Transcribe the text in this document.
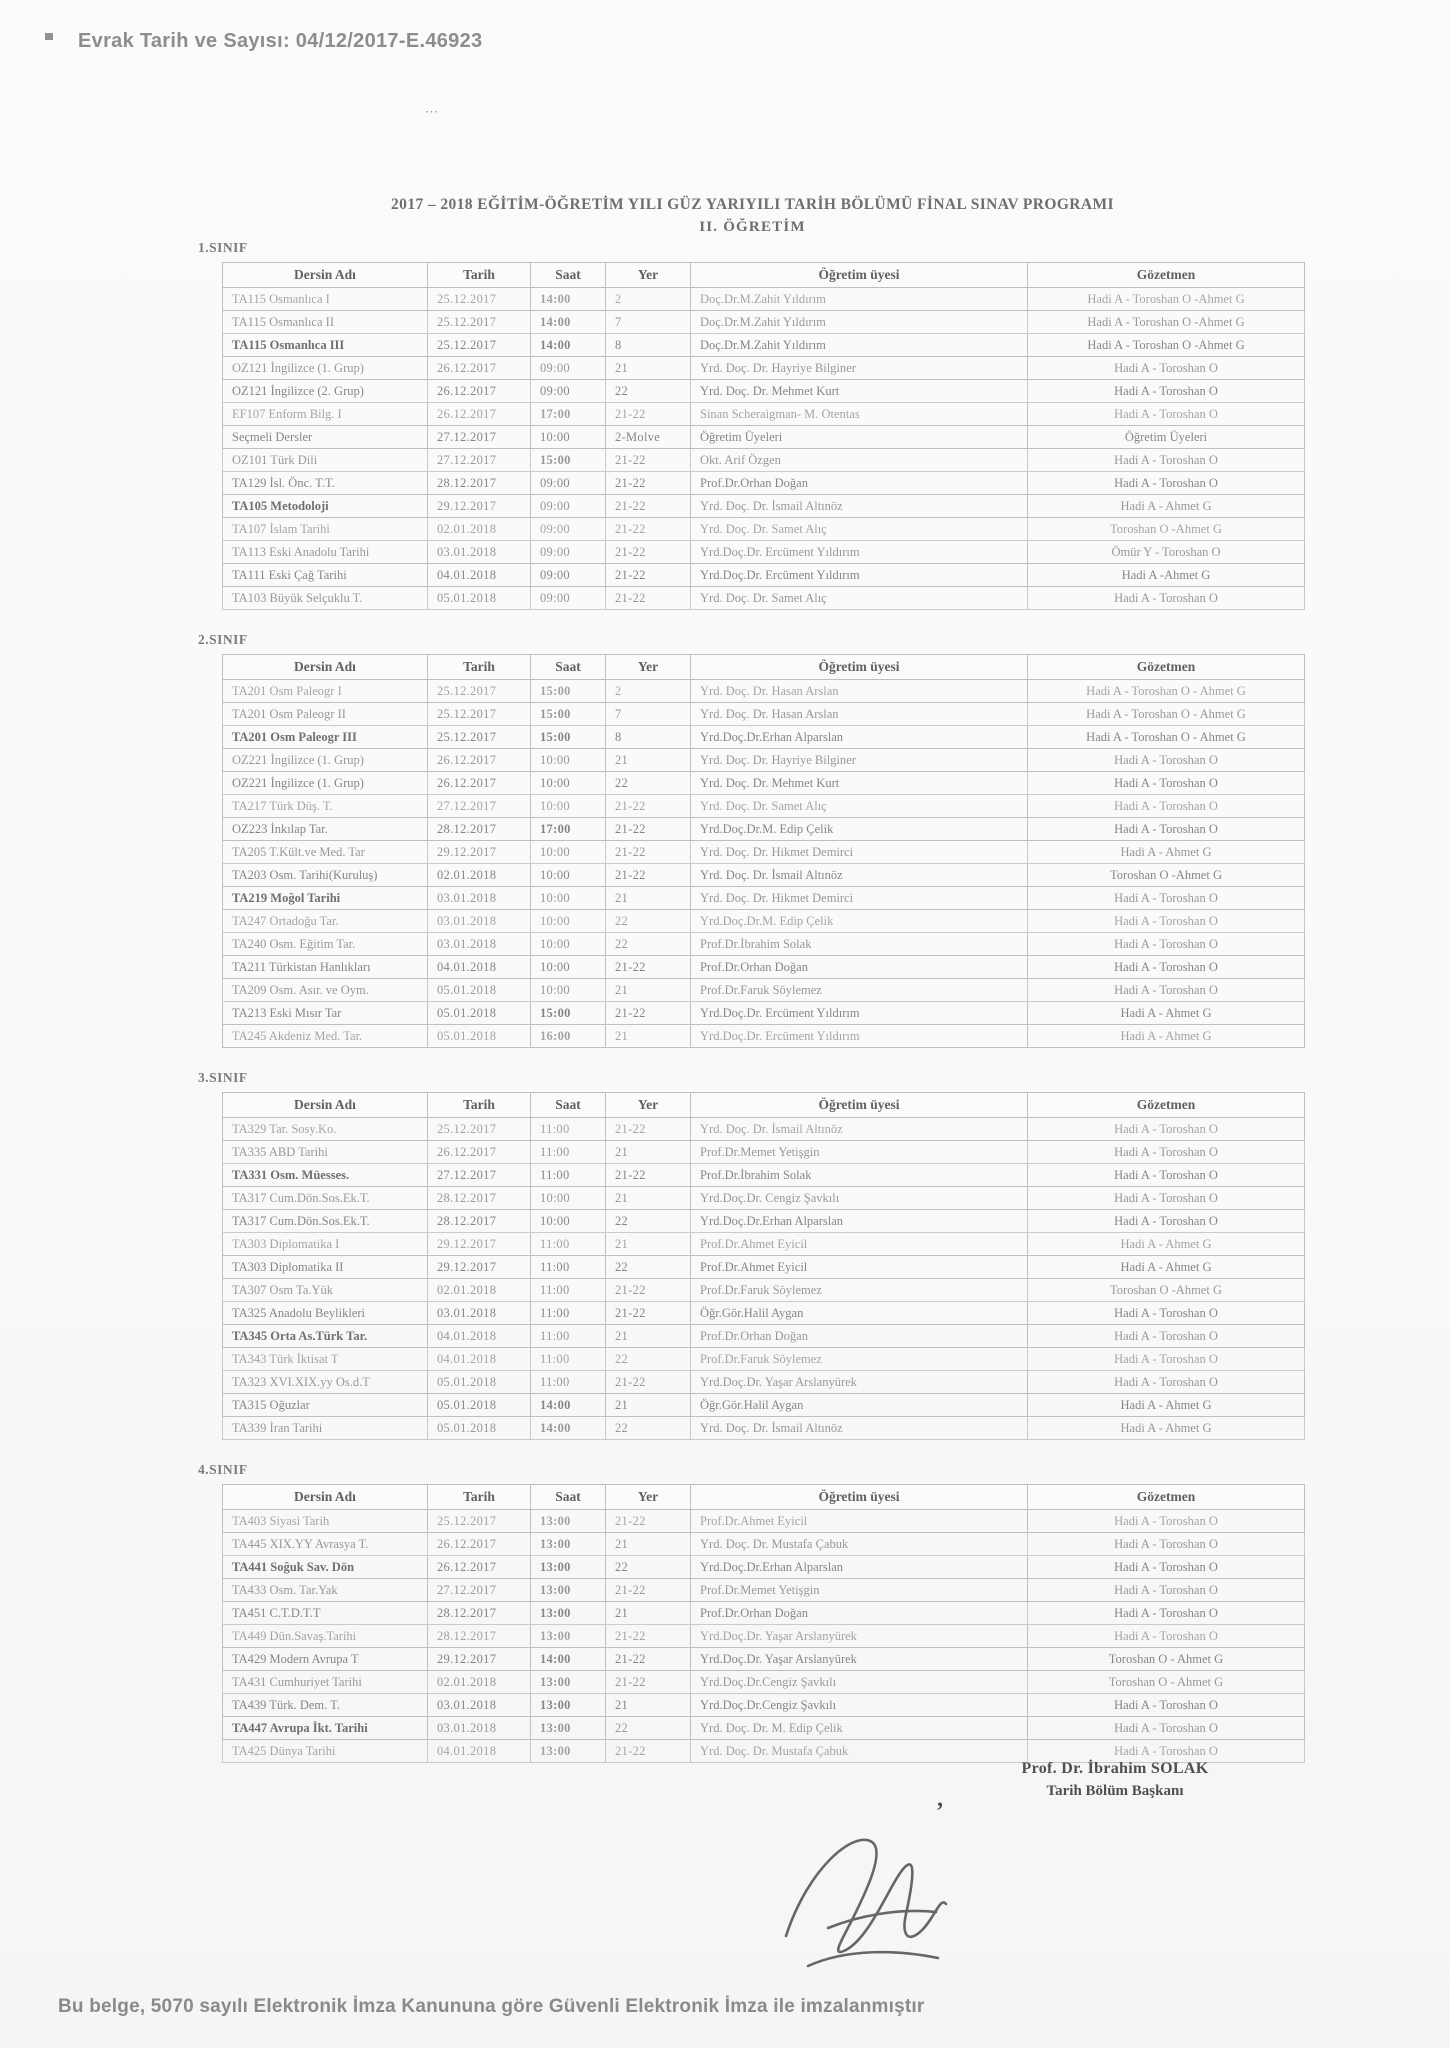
Evrak Tarih ve Sayısı: 04/12/2017-E.46923
⋯
2017 – 2018 EĞİTİM-ÖĞRETİM YILI GÜZ YARIYILI TARİH BÖLÜMÜ FİNAL SINAV PROGRAMI
II. ÖĞRETİM
1.SINIF
Dersin Adı	Tarih	Saat	Yer	Öğretim üyesi	Gözetmen
TA115 Osmanlıca I	25.12.2017	14:00	2	Doç.Dr.M.Zahit Yıldırım	Hadi A - Toroshan O -Ahmet G
TA115 Osmanlıca II	25.12.2017	14:00	7	Doç.Dr.M.Zahit Yıldırım	Hadi A - Toroshan O -Ahmet G
TA115 Osmanlıca III	25.12.2017	14:00	8	Doç.Dr.M.Zahit Yıldırım	Hadi A - Toroshan O -Ahmet G
OZ121 İngilizce (1. Grup)	26.12.2017	09:00	21	Yrd. Doç. Dr. Hayriye Bilginer	Hadi A - Toroshan O
OZ121 İngilizce (2. Grup)	26.12.2017	09:00	22	Yrd. Doç. Dr. Mehmet Kurt	Hadi A - Toroshan O
EF107 Enform Bilg. I	26.12.2017	17:00	21-22	Sinan Scheraigman- M. Otentas	Hadi A - Toroshan O
Seçmeli Dersler	27.12.2017	10:00	2-Molve	Öğretim Üyeleri	Öğretim Üyeleri
OZ101 Türk Dili	27.12.2017	15:00	21-22	Okt. Arif Özgen	Hadi A - Toroshan O
TA129 İsl. Önc. T.T.	28.12.2017	09:00	21-22	Prof.Dr.Orhan Doğan	Hadi A - Toroshan O
TA105 Metodoloji	29.12.2017	09:00	21-22	Yrd. Doç. Dr. İsmail Altınöz	Hadi A - Ahmet G
TA107 İslam Tarihi	02.01.2018	09:00	21-22	Yrd. Doç. Dr. Samet Alıç	Toroshan O -Ahmet G
TA113 Eski Anadolu Tarihi	03.01.2018	09:00	21-22	Yrd.Doç.Dr. Ercüment Yıldırım	Ömür Y - Toroshan O
TA111 Eski Çağ Tarihi	04.01.2018	09:00	21-22	Yrd.Doç.Dr. Ercüment Yıldırım	Hadi A -Ahmet G
TA103 Büyük Selçuklu T.	05.01.2018	09:00	21-22	Yrd. Doç. Dr. Samet Alıç	Hadi A - Toroshan O
2.SINIF
Dersin Adı	Tarih	Saat	Yer	Öğretim üyesi	Gözetmen
TA201 Osm Paleogr I	25.12.2017	15:00	2	Yrd. Doç. Dr. Hasan Arslan	Hadi A - Toroshan O - Ahmet G
TA201 Osm Paleogr II	25.12.2017	15:00	7	Yrd. Doç. Dr. Hasan Arslan	Hadi A - Toroshan O - Ahmet G
TA201 Osm Paleogr III	25.12.2017	15:00	8	Yrd.Doç.Dr.Erhan Alparslan	Hadi A - Toroshan O - Ahmet G
OZ221 İngilizce (1. Grup)	26.12.2017	10:00	21	Yrd. Doç. Dr. Hayriye Bilginer	Hadi A - Toroshan O
OZ221 İngilizce (1. Grup)	26.12.2017	10:00	22	Yrd. Doç. Dr. Mehmet Kurt	Hadi A - Toroshan O
TA217 Türk Düş. T.	27.12.2017	10:00	21-22	Yrd. Doç. Dr. Samet Alıç	Hadi A - Toroshan O
OZ223 İnkılap Tar.	28.12.2017	17:00	21-22	Yrd.Doç.Dr.M. Edip Çelik	Hadi A - Toroshan O
TA205 T.Kült.ve Med. Tar	29.12.2017	10:00	21-22	Yrd. Doç. Dr. Hikmet Demirci	Hadi A - Ahmet G
TA203 Osm. Tarihi(Kuruluş)	02.01.2018	10:00	21-22	Yrd. Doç. Dr. İsmail Altınöz	Toroshan O -Ahmet G
TA219 Moğol Tarihi	03.01.2018	10:00	21	Yrd. Doç. Dr. Hikmet Demirci	Hadi A - Toroshan O
TA247 Ortadoğu Tar.	03.01.2018	10:00	22	Yrd.Doç.Dr.M. Edip Çelik	Hadi A - Toroshan O
TA240 Osm. Eğitim Tar.	03.01.2018	10:00	22	Prof.Dr.İbrahim Solak	Hadi A - Toroshan O
TA211 Türkistan Hanlıkları	04.01.2018	10:00	21-22	Prof.Dr.Orhan Doğan	Hadi A - Toroshan O
TA209 Osm. Asır. ve Oym.	05.01.2018	10:00	21	Prof.Dr.Faruk Söylemez	Hadi A - Toroshan O
TA213 Eski Mısır Tar	05.01.2018	15:00	21-22	Yrd.Doç.Dr. Ercüment Yıldırım	Hadi A - Ahmet G
TA245 Akdeniz Med. Tar.	05.01.2018	16:00	21	Yrd.Doç.Dr. Ercüment Yıldırım	Hadi A - Ahmet G
3.SINIF
Dersin Adı	Tarih	Saat	Yer	Öğretim üyesi	Gözetmen
TA329 Tar. Sosy.Ko.	25.12.2017	11:00	21-22	Yrd. Doç. Dr. İsmail Altınöz	Hadi A - Toroshan O
TA335 ABD Tarihi	26.12.2017	11:00	21	Prof.Dr.Memet Yetişgin	Hadi A - Toroshan O
TA331 Osm. Müesses.	27.12.2017	11:00	21-22	Prof.Dr.İbrahim Solak	Hadi A - Toroshan O
TA317 Cum.Dön.Sos.Ek.T.	28.12.2017	10:00	21	Yrd.Doç.Dr. Cengiz Şavkılı	Hadi A - Toroshan O
TA317 Cum.Dön.Sos.Ek.T.	28.12.2017	10:00	22	Yrd.Doç.Dr.Erhan Alparslan	Hadi A - Toroshan O
TA303 Diplomatika I	29.12.2017	11:00	21	Prof.Dr.Ahmet Eyicil	Hadi A - Ahmet G
TA303 Diplomatika II	29.12.2017	11:00	22	Prof.Dr.Ahmet Eyicil	Hadi A - Ahmet G
TA307 Osm Ta.Yük	02.01.2018	11:00	21-22	Prof.Dr.Faruk Söylemez	Toroshan O -Ahmet G
TA325 Anadolu Beylikleri	03.01.2018	11:00	21-22	Öğr.Gör.Halil Aygan	Hadi A - Toroshan O
TA345 Orta As.Türk Tar.	04.01.2018	11:00	21	Prof.Dr.Orhan Doğan	Hadi A - Toroshan O
TA343 Türk İktisat T	04.01.2018	11:00	22	Prof.Dr.Faruk Söylemez	Hadi A - Toroshan O
TA323 XVI.XIX.yy Os.d.T	05.01.2018	11:00	21-22	Yrd.Doç.Dr. Yaşar Arslanyürek	Hadi A - Toroshan O
TA315 Oğuzlar	05.01.2018	14:00	21	Öğr.Gör.Halil Aygan	Hadi A - Ahmet G
TA339 İran Tarihi	05.01.2018	14:00	22	Yrd. Doç. Dr. İsmail Altınöz	Hadi A - Ahmet G
4.SINIF
Dersin Adı	Tarih	Saat	Yer	Öğretim üyesi	Gözetmen
TA403 Siyasi Tarih	25.12.2017	13:00	21-22	Prof.Dr.Ahmet Eyicil	Hadi A - Toroshan O
TA445 XIX.YY Avrasya T.	26.12.2017	13:00	21	Yrd. Doç. Dr. Mustafa Çabuk	Hadi A - Toroshan O
TA441 Soğuk Sav. Dön	26.12.2017	13:00	22	Yrd.Doç.Dr.Erhan Alparslan	Hadi A - Toroshan O
TA433 Osm. Tar.Yak	27.12.2017	13:00	21-22	Prof.Dr.Memet Yetişgin	Hadi A - Toroshan O
TA451 C.T.D.T.T	28.12.2017	13:00	21	Prof.Dr.Orhan Doğan	Hadi A - Toroshan O
TA449 Dün.Savaş.Tarihi	28.12.2017	13:00	21-22	Yrd.Doç.Dr. Yaşar Arslanyürek	Hadi A - Toroshan O
TA429 Modern Avrupa T	29.12.2017	14:00	21-22	Yrd.Doç.Dr. Yaşar Arslanyürek	Toroshan O - Ahmet G
TA431 Cumhuriyet Tarihi	02.01.2018	13:00	21-22	Yrd.Doç.Dr.Cengiz Şavkılı	Toroshan O - Ahmet G
TA439 Türk. Dem. T.	03.01.2018	13:00	21	Yrd.Doç.Dr.Cengiz Şavkılı	Hadi A - Toroshan O
TA447 Avrupa İkt. Tarihi	03.01.2018	13:00	22	Yrd. Doç. Dr. M. Edip Çelik	Hadi A - Toroshan O
TA425 Dünya Tarihi	04.01.2018	13:00	21-22	Yrd. Doç. Dr. Mustafa Çabuk	Hadi A - Toroshan O
Prof. Dr. İbrahim SOLAK
Tarih Bölüm Başkanı
‚
Bu belge, 5070 sayılı Elektronik İmza Kanununa göre Güvenli Elektronik İmza ile imzalanmıştır
